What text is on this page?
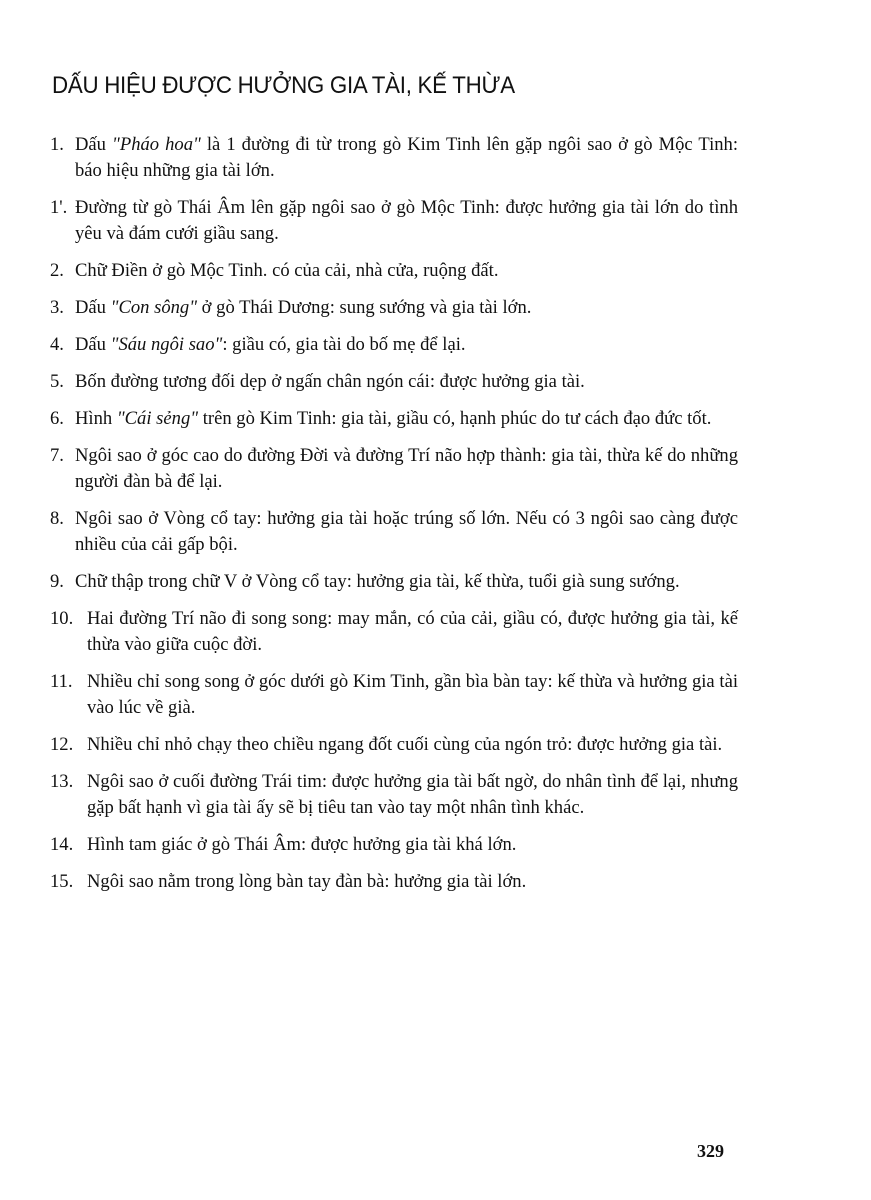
DẤU HIỆU ĐƯỢC HƯỞNG GIA TÀI, KẾ THỪA
1. Dấu "Pháo hoa" là 1 đường đi từ trong gò Kim Tinh lên gặp ngôi sao ở gò Mộc Tinh: báo hiệu những gia tài lớn.
1'. Đường từ gò Thái Âm lên gặp ngôi sao ở gò Mộc Tinh: được hưởng gia tài lớn do tình yêu và đám cưới giầu sang.
2. Chữ Điền ở gò Mộc Tinh. có của cải, nhà cửa, ruộng đất.
3. Dấu "Con sông" ở gò Thái Dương: sung sướng và gia tài lớn.
4. Dấu "Sáu ngôi sao": giầu có, gia tài do bố mẹ để lại.
5. Bốn đường tương đối dẹp ở ngấn chân ngón cái: được hưởng gia tài.
6. Hình "Cái sẻng" trên gò Kim Tinh: gia tài, giầu có, hạnh phúc do tư cách đạo đức tốt.
7. Ngôi sao ở góc cao do đường Đời và đường Trí não hợp thành: gia tài, thừa kế do những người đàn bà để lại.
8. Ngôi sao ở Vòng cổ tay: hưởng gia tài hoặc trúng số lớn. Nếu có 3 ngôi sao càng được nhiều của cải gấp bội.
9. Chữ thập trong chữ V ở Vòng cổ tay: hưởng gia tài, kế thừa, tuổi già sung sướng.
10. Hai đường Trí não đi song song: may mắn, có của cải, giầu có, được hưởng gia tài, kế thừa vào giữa cuộc đời.
11. Nhiều chỉ song song ở góc dưới gò Kim Tinh, gần bìa bàn tay: kế thừa và hưởng gia tài vào lúc về già.
12. Nhiều chỉ nhỏ chạy theo chiều ngang đốt cuối cùng của ngón trỏ: được hưởng gia tài.
13. Ngôi sao ở cuối đường Trái tim: được hưởng gia tài bất ngờ, do nhân tình để lại, nhưng gặp bất hạnh vì gia tài ấy sẽ bị tiêu tan vào tay một nhân tình khác.
14. Hình tam giác ở gò Thái Âm: được hưởng gia tài khá lớn.
15. Ngôi sao nằm trong lòng bàn tay đàn bà: hưởng gia tài lớn.
329
